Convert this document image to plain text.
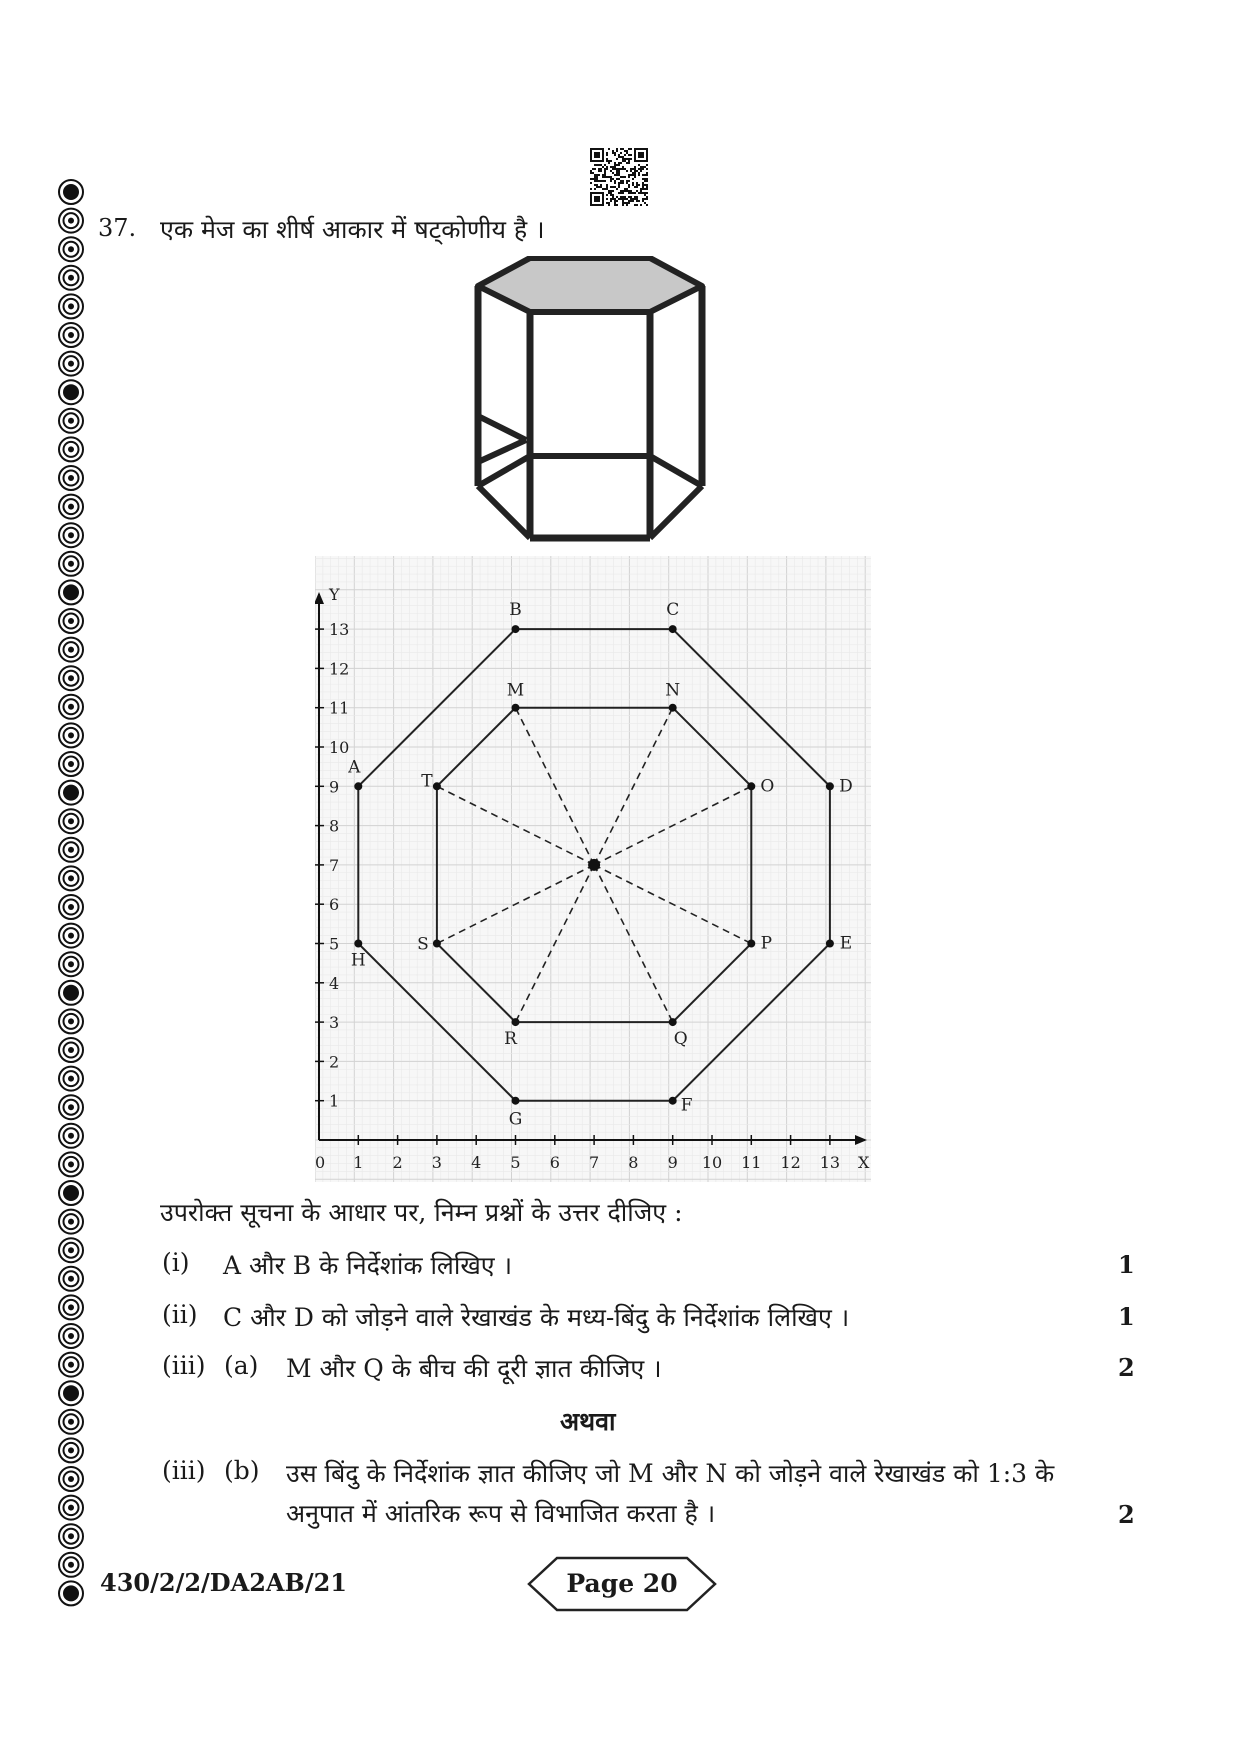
37. एक मेज का शीर्ष आकार में षट्कोणीय है ।
X
Y
0 1 2 3 4 5 6 7 8 9 10 11 12 13
1
2
3
4
5
6
7
8
9
10
11
12
13
A
B	C
D
E
F
G
H
M	N
O
P
Q
R
S
T
उपरोक्त सूचना के आधार पर, निम्न प्रश्नों के उत्तर दीजिए :
(i) A और B के निर्देशांक लिखिए ।	1
(ii) C और D को जोड़ने वाले रेखाखंड के मध्य-बिंदु के निर्देशांक लिखिए ।	1
(iii) (a) M और Q के बीच की दूरी ज्ञात कीजिए ।	2
अथवा
(iii) (b) उस बिंदु के निर्देशांक ज्ञात कीजिए जो M और N को जोड़ने वाले रेखाखंड को 1:3 के
अनुपात में आंतरिक रूप से विभाजित करता है ।	2
430/2/2/DA2AB/21	Page 20
